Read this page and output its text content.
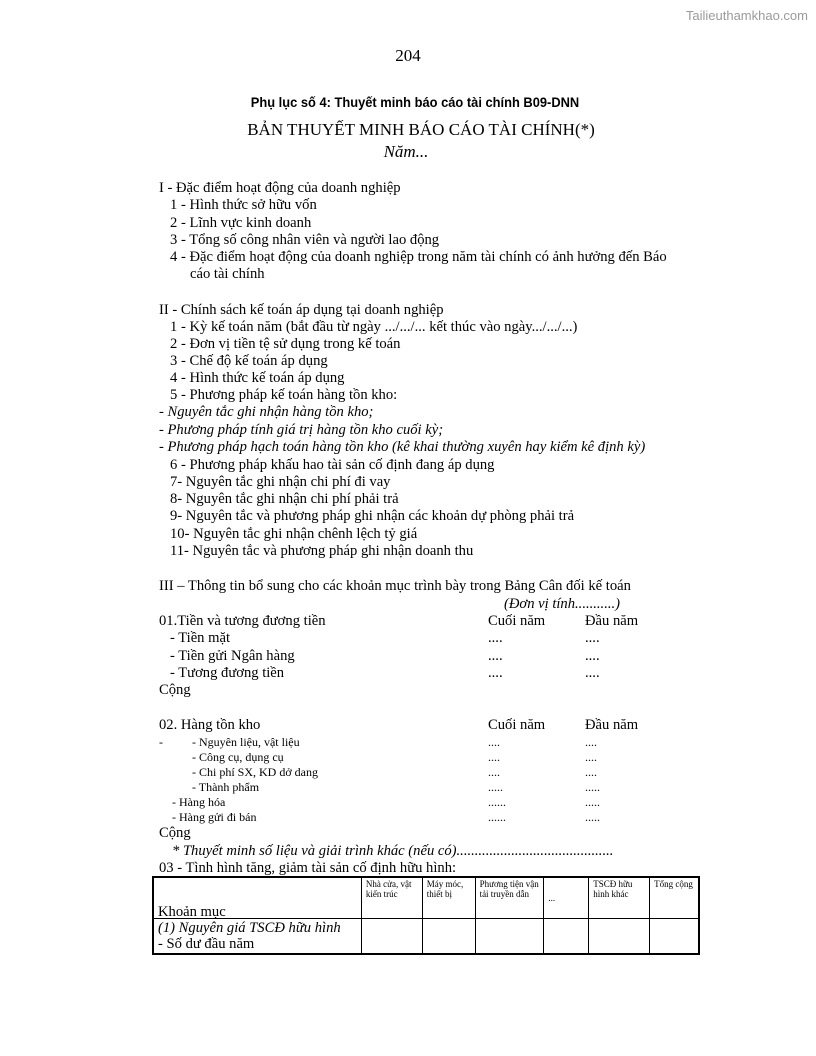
Tailieuthamkhao.com
204
Phụ lục số 4: Thuyết minh báo cáo tài chính B09-DNN
BẢN THUYẾT MINH BÁO CÁO TÀI CHÍNH(*)
Năm...
I - Đặc điểm hoạt động của doanh nghiệp
1 - Hình thức sở hữu vốn
2 - Lĩnh vực kinh doanh
3 - Tổng số công nhân viên và người lao động
4 - Đặc điểm hoạt động của doanh nghiệp trong năm tài chính có ảnh hưởng đến Báo
cáo tài chính
II - Chính sách kế toán áp dụng tại doanh nghiệp
1 - Kỳ kế toán năm (bắt đầu từ ngày .../.../... kết thúc vào ngày.../.../...)
2 - Đơn vị tiền tệ sử dụng trong kế toán
3 - Chế độ kế toán áp dụng
4 - Hình thức kế toán áp dụng
5 - Phương pháp kế toán hàng tồn kho:
- Nguyên tắc ghi nhận hàng tồn kho;
- Phương pháp tính giá trị hàng tồn kho cuối kỳ;
- Phương pháp hạch toán hàng tồn kho (kê khai thường xuyên hay kiểm kê định kỳ)
6 - Phương pháp khấu hao tài sản cố định đang áp dụng
7- Nguyên tắc ghi nhận chi phí đi vay
8- Nguyên tắc ghi nhận chi phí phải trả
9- Nguyên tắc và phương pháp ghi nhận các khoản dự phòng phải trả
10- Nguyên tắc ghi nhận chênh lệch tỷ giá
11- Nguyên tắc và phương pháp ghi nhận doanh thu
III – Thông tin bổ sung cho các khoản mục trình bày trong Bảng Cân đối kế toán
(Đơn vị tính...........)
01.Tiền và tương đương tiền	Cuối năm	Đầu năm
- Tiền mặt	....	....
- Tiền gửi Ngân hàng	....	....
- Tương đương tiền	....	....
Cộng
02. Hàng tồn kho	Cuối năm	Đầu năm
- - Nguyên liệu, vật liệu	....	....
- Công cụ, dụng cụ	....	....
- Chi phí SX, KD dở dang	....	....
- Thành phẩm	.....	.....
- Hàng hóa	......	.....
- Hàng gửi đi bán	......	.....
Cộng
* Thuyết minh số liệu và giải trình khác (nếu có)...........................................
03 - Tình hình tăng, giảm tài sản cố định hữu hình:
Khoản mục	Nhà cửa, vật kiến trúc	Máy móc, thiết bị	Phương tiện vận tải truyền dẫn	...	TSCĐ hữu hình khác	Tổng cộng

(1) Nguyên giá TSCĐ hữu hình
- Số dư đầu năm						
